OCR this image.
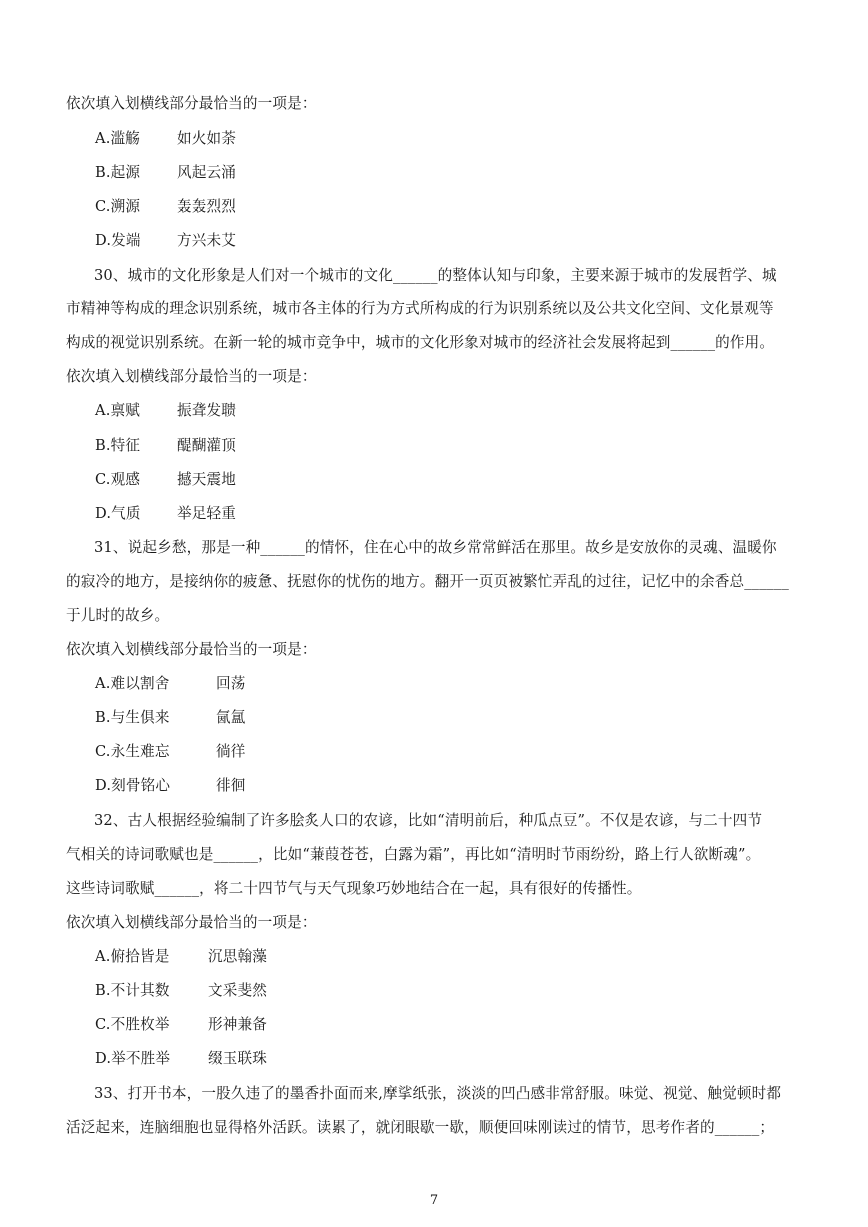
依次填入划横线部分最恰当的一项是：
A. 滥觞	如火如荼
B. 起源	风起云涌
C. 溯源	轰轰烈烈
D. 发端 方兴未艾
30、城市的文化形象是人们对一个城市的文化______的整体认知与印象，主要来源于城市的发展哲学、城
市精神等构成的理念识别系统，城市各主体的行为方式所构成的行为识别系统以及公共文化空间、文化景观等
构成的视觉识别系统。在新一轮的城市竞争中，城市的文化形象对城市的经济社会发展将起到______的作用。
依次填入划横线部分最恰当的一项是：
A. 禀赋	振聋发聩
B. 特征	醍醐灌顶
C. 观感	撼天震地
D. 气质 举足轻重
31、说起乡愁，那是一种______的情怀，住在心中的故乡常常鲜活在那里。故乡是安放你的灵魂、温暖你
的寂冷的地方，是接纳你的疲惫、抚慰你的忧伤的地方。翻开一页页被繁忙弄乱的过往，记忆中的余香总______
于儿时的故乡。
依次填入划横线部分最恰当的一项是：
A. 难以割舍	回荡
B. 与生俱来	氤氲
C. 永生难忘	徜徉
D. 刻骨铭心	徘徊
32、古人根据经验编制了许多脍炙人口的农谚，比如“清明前后，种瓜点豆”。不仅是农谚，与二十四节
气相关的诗词歌赋也是______，比如“蒹葭苍苍，白露为霜”，再比如“清明时节雨纷纷，路上行人欲断魂”。
这些诗词歌赋______，将二十四节气与天气现象巧妙地结合在一起，具有很好的传播性。
依次填入划横线部分最恰当的一项是：
A. 俯拾皆是	沉思翰藻
B. 不计其数	文采斐然
C. 不胜枚举	形神兼备
D. 举不胜举	缀玉联珠
33、打开书本，一股久违了的墨香扑面而来,摩挲纸张，淡淡的凹凸感非常舒服。味觉、视觉、触觉顿时都
活泛起来，连脑细胞也显得格外活跃。读累了，就闭眼歇一歇，顺便回味刚读过的情节，思考作者的______；
7
